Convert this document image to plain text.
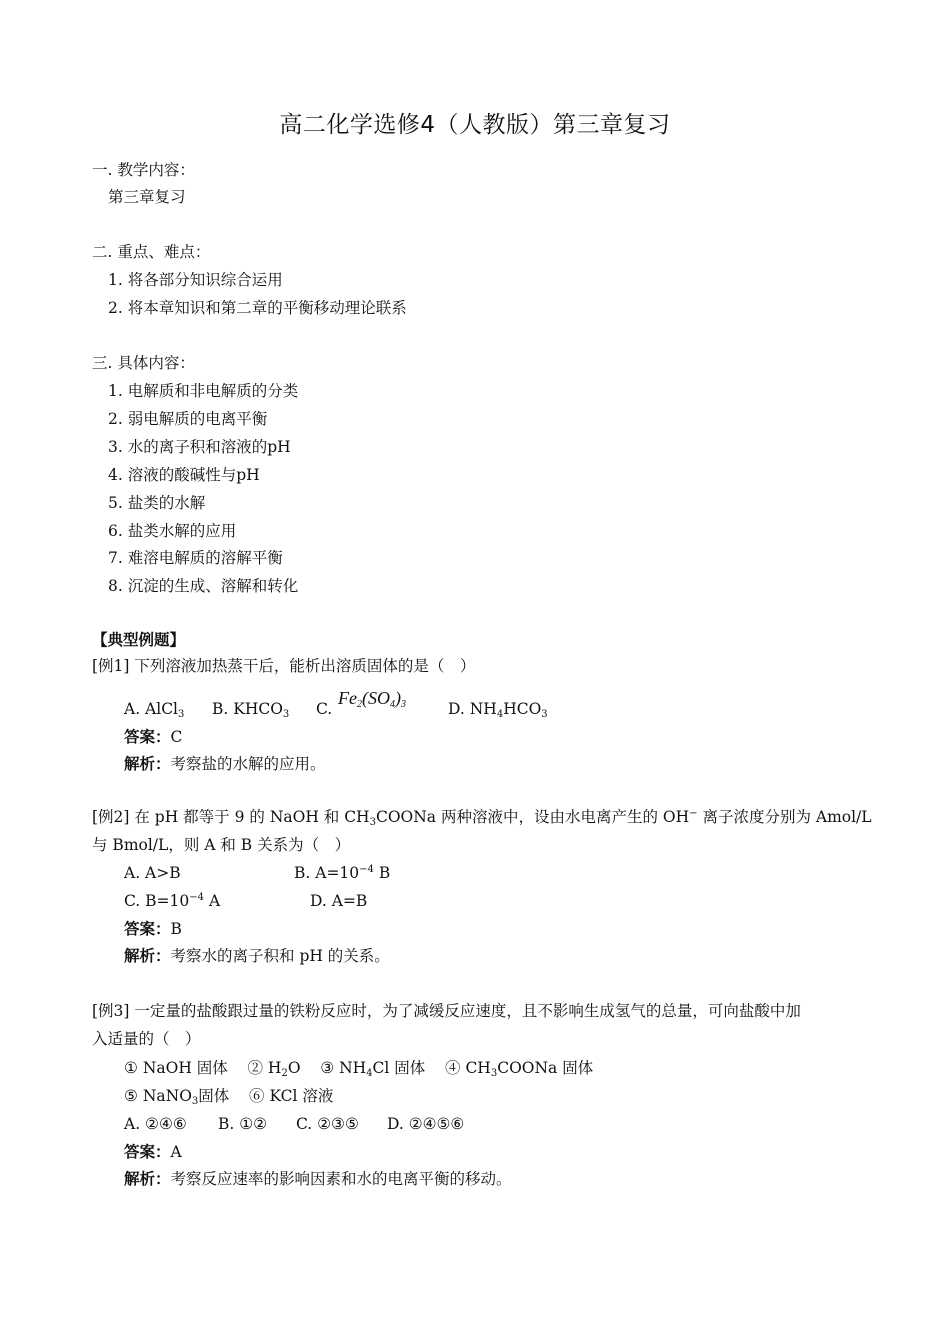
高二化学选修4（人教版）第三章复习
一. 教学内容：
第三章复习
二. 重点、难点：
1. 将各部分知识综合运用
2. 将本章知识和第二章的平衡移动理论联系
三. 具体内容：
1. 电解质和非电解质的分类
2. 弱电解质的电离平衡
3. 水的离子积和溶液的pH
4. 溶液的酸碱性与pH
5. 盐类的水解
6. 盐类水解的应用
7. 难溶电解质的溶解平衡
8. 沉淀的生成、溶解和转化
【典型例题】
[例1] 下列溶液加热蒸干后，能析出溶质固体的是（　）
A. AlCl$_3$ B. $KHCO_3$ C.
$Fe_2(SO_4)_3$	D. $NH_4HCO_3$
答案：C
解析：考察盐的水解的应用。
[例2] 在 pH 都等于 9 的 NaOH 和 $CH_3COONa$ 两种溶液中，设由水电离产生的 OH− 离子浓度分别为 Amol/L
与 Bmol/L，则 A 和 B 关系为（　）
A. A>B	B. $A=10^{-4}$ B
C. $B=10^{-4}$ A	D. A=B
答案：B
解析：考察水的离子积和 pH 的关系。
[例3] 一定量的盐酸跟过量的铁粉反应时，为了减缓反应速度，且不影响生成氢气的总量，可向盐酸中加
入适量的（　）
① NaOH 固体 ② $H_2O$ ③ $NH_4Cl$ 固体 ④ $CH_3COONa$ 固体
⑤ NaNO$_3$固体 ⑥ KCl 溶液
A. ②④⑥ B. ①② C. ②③⑤ D. ②④⑤⑥
答案：A
解析：考察反应速率的影响因素和水的电离平衡的移动。
